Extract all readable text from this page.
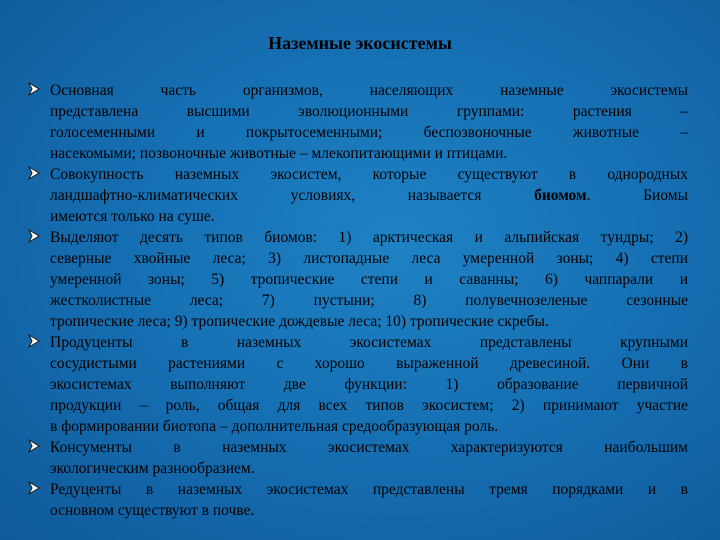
Наземные экосистемы
Основная часть организмов, населяющих наземные экосистемы
представлена высшими эволюционными группами: растения –
голосеменными и покрытосеменными; беспозвоночные животные –
насекомыми; позвоночные животные – млекопитающими и птицами.
Совокупность наземных экосистем, которые существуют в однородных
ландшафтно-климатических условиях, называется биомом. Биомы
имеются только на суше.
Выделяют десять типов биомов: 1) арктическая и альпийская тундры; 2)
северные хвойные леса; 3) листопадные леса умеренной зоны; 4) степи
умеренной зоны; 5) тропические степи и саванны; 6) чаппарали и
жестколистные леса; 7) пустыни; 8) полувечнозеленые сезонные
тропические леса; 9) тропические дождевые леса; 10) тропические скребы.
Продуценты в наземных экосистемах представлены крупными
сосудистыми растениями с хорошо выраженной древесиной. Они в
экосистемах выполняют две функции: 1) образование первичной
продукции – роль, общая для всех типов экосистем; 2) принимают участие
в формировании биотопа – дополнительная средообразующая роль.
Консументы в наземных экосистемах характеризуются наибольшим
экологическим разнообразием.
Редуценты в наземных экосистемах представлены тремя порядками и в
основном существуют в почве.
